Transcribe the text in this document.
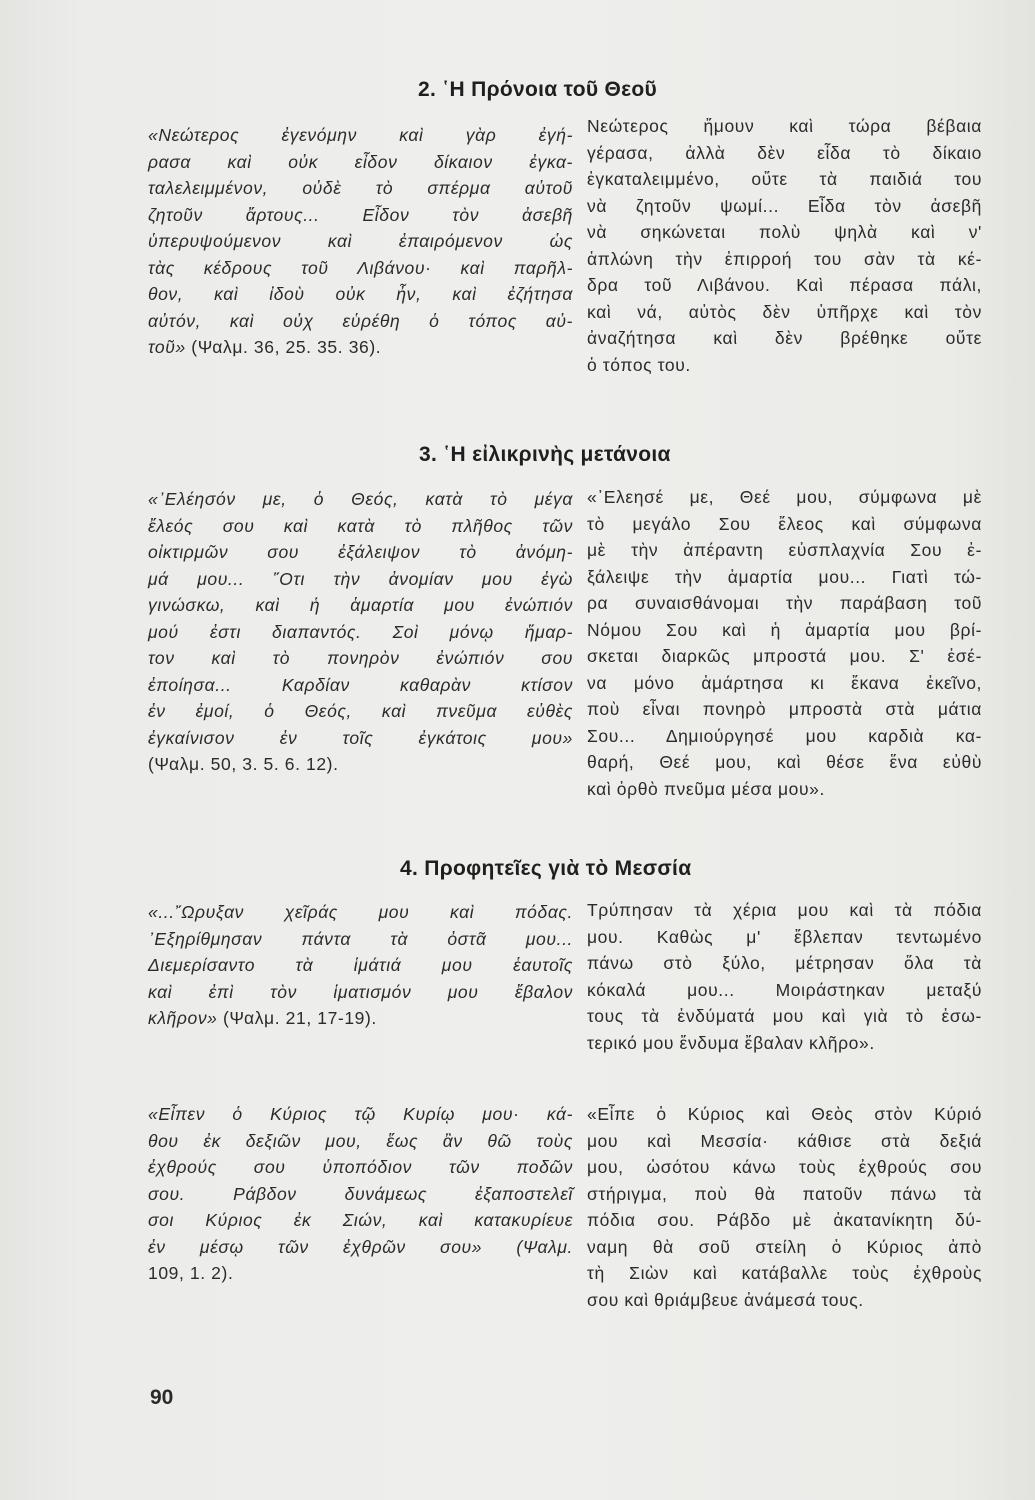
2. ῾Η Πρόνοια τοῦ Θεοῦ
«Νεώτερος ἐγενόμην καὶ γὰρ ἐγή-
ρασα καὶ οὐκ εἶδον δίκαιον ἐγκα-
ταλελειμμένον, οὐδὲ τὸ σπέρμα αὐτοῦ
ζητοῦν ἄρτους... Εἶδον τὸν ἀσεβῆ
ὑπερυψούμενον καὶ ἐπαιρόμενον ὡς
τὰς κέδρους τοῦ Λιβάνου· καὶ παρῆλ-
θον, καὶ ἰδοὺ οὐκ ἦν, καὶ ἐζήτησα
αὐτόν, καὶ οὐχ εὑρέθη ὁ τόπος αὐ-
τοῦ» (Ψαλμ. 36, 25. 35. 36).
Νεώτερος ἤμουν καὶ τώρα βέβαια
γέρασα, ἀλλὰ δὲν εἶδα τὸ δίκαιο
ἐγκαταλειμμένο, οὔτε τὰ παιδιά του
νὰ ζητοῦν ψωμί... Εἶδα τὸν ἀσεβῆ
νὰ σηκώνεται πολὺ ψηλὰ καὶ ν'
ἁπλώνη τὴν ἐπιρροή του σὰν τὰ κέ-
δρα τοῦ Λιβάνου. Καὶ πέρασα πάλι,
καὶ νά, αὐτὸς δὲν ὑπῆρχε καὶ τὸν
ἀναζήτησα καὶ δὲν βρέθηκε οὔτε
ὁ τόπος του.
3. ῾Η εἰλικρινὴς μετάνοια
«᾿Ελέησόν με, ὁ Θεός, κατὰ τὸ μέγα
ἔλεός σου καὶ κατὰ τὸ πλῆθος τῶν
οἰκτιρμῶν σου ἐξάλειψον τὸ ἀνόμη-
μά μου... ῞Οτι τὴν ἀνομίαν μου ἐγὼ
γινώσκω, καὶ ἡ ἁμαρτία μου ἐνώπιόν
μού ἐστι διαπαντός. Σοὶ μόνῳ ἥμαρ-
τον καὶ τὸ πονηρὸν ἐνώπιόν σου
ἐποίησα... Καρδίαν καθαρὰν κτίσον
ἐν ἐμοί, ὁ Θεός, καὶ πνεῦμα εὐθὲς
ἐγκαίνισον ἐν τοῖς ἐγκάτοις μου»
(Ψαλμ. 50, 3. 5. 6. 12).
«᾿Ελεησέ με, Θεέ μου, σύμφωνα μὲ
τὸ μεγάλο Σου ἔλεος καὶ σύμφωνα
μὲ τὴν ἀπέραντη εὐσπλαχνία Σου ἐ-
ξάλειψε τὴν ἁμαρτία μου... Γιατὶ τώ-
ρα συναισθάνομαι τὴν παράβαση τοῦ
Νόμου Σου καὶ ἡ ἁμαρτία μου βρί-
σκεται διαρκῶς μπροστά μου. Σ' ἐσέ-
να μόνο ἁμάρτησα κι ἔκανα ἐκεῖνο,
ποὺ εἶναι πονηρὸ μπροστὰ στὰ μάτια
Σου... Δημιούργησέ μου καρδιὰ κα-
θαρή, Θεέ μου, καὶ θέσε ἕνα εὐθὺ
καὶ ὀρθὸ πνεῦμα μέσα μου».
4. Προφητεῖες γιὰ τὸ Μεσσία
«...῎Ωρυξαν χεῖράς μου καὶ πόδας.
᾿Εξηρίθμησαν πάντα τὰ ὀστᾶ μου...
Διεμερίσαντο τὰ ἱμάτιά μου ἑαυτοῖς
καὶ ἐπὶ τὸν ἱματισμόν μου ἔβαλον
κλῆρον» (Ψαλμ. 21, 17-19).
Τρύπησαν τὰ χέρια μου καὶ τὰ πόδια
μου. Καθὼς μ' ἔβλεπαν τεντωμένο
πάνω στὸ ξύλο, μέτρησαν ὅλα τὰ
κόκαλά μου... Μοιράστηκαν μεταξύ
τους τὰ ἐνδύματά μου καὶ γιὰ τὸ ἐσω-
τερικό μου ἔνδυμα ἔβαλαν κλῆρο».
«Εἶπεν ὁ Κύριος τῷ Κυρίῳ μου· κά-
θου ἐκ δεξιῶν μου, ἕως ἂν θῶ τοὺς
ἐχθρούς σου ὑποπόδιον τῶν ποδῶν
σου. Ράβδον δυνάμεως ἐξαποστελεῖ
σοι Κύριος ἐκ Σιών, καὶ κατακυρίευε
ἐν μέσῳ τῶν ἐχθρῶν σου» (Ψαλμ.
109, 1. 2).
«Εἶπε ὁ Κύριος καὶ Θεὸς στὸν Κύριό
μου καὶ Μεσσία· κάθισε στὰ δεξιά
μου, ὡσότου κάνω τοὺς ἐχθρούς σου
στήριγμα, ποὺ θὰ πατοῦν πάνω τὰ
πόδια σου. Ράβδο μὲ ἀκατανίκητη δύ-
ναμη θὰ σοῦ στείλη ὁ Κύριος ἀπὸ
τὴ Σιὼν καὶ κατάβαλλε τοὺς ἐχθροὺς
σου καὶ θριάμβευε ἀνάμεσά τους.
90
